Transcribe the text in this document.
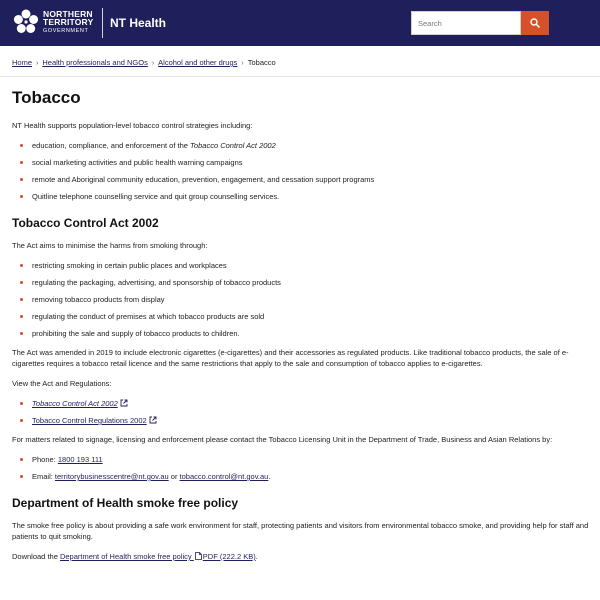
NORTHERN
TERRITORY
GOVERNMENT
NT Health
Search
Home › Health professionals and NGOs › Alcohol and other drugs › Tobacco
Tobacco

NT Health supports population-level tobacco control strategies including:

education, compliance, and enforcement of the Tobacco Control Act 2002
social marketing activities and public health warning campaigns
remote and Aboriginal community education, prevention, engagement, and cessation support programs
Quitline telephone counselling service and quit group counselling services.
Tobacco Control Act 2002

The Act aims to minimise the harms from smoking through:

restricting smoking in certain public places and workplaces
regulating the packaging, advertising, and sponsorship of tobacco products
removing tobacco products from display
regulating the conduct of premises at which tobacco products are sold
prohibiting the sale and supply of tobacco products to children.

The Act was amended in 2019 to include electronic cigarettes (e-cigarettes) and their accessories as regulated products. Like traditional tobacco products, the sale of e-cigarettes requires a tobacco retail licence and the same restrictions that apply to the sale and consumption of tobacco applies to e-cigarettes.

View the Act and Regulations:

Tobacco Control Act 2002
Tobacco Control Regulations 2002

For matters related to signage, licensing and enforcement please contact the Tobacco Licensing Unit in the Department of Trade, Business and Asian Relations by:

Phone: 1800 193 111
Email: territorybusinesscentre@nt.gov.au or tobacco.control@nt.gov.au.
Department of Health smoke free policy

The smoke free policy is about providing a safe work environment for staff, protecting patients and visitors from environmental tobacco smoke, and providing help for staff and patients to quit smoking.

Download the Department of Health smoke free policy PDF (222.2 KB).
